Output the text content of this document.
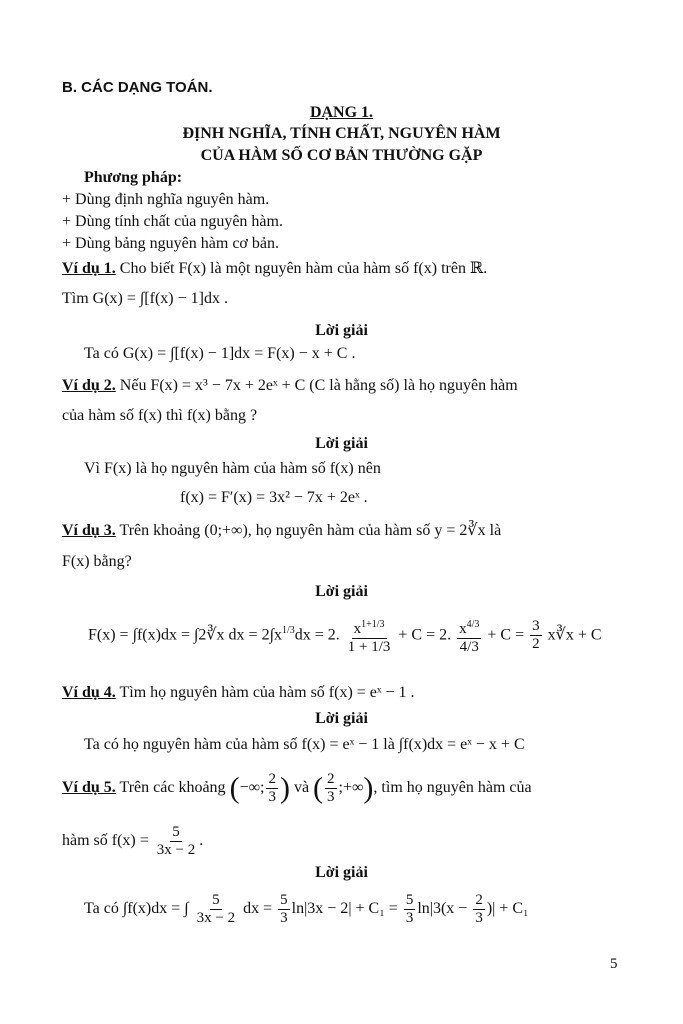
B. CÁC DẠNG TOÁN.
DẠNG 1.
ĐỊNH NGHĨA, TÍNH CHẤT, NGUYÊN HÀM
CỦA HÀM SỐ CƠ BẢN THƯỜNG GẶP
Phương pháp:
+ Dùng định nghĩa nguyên hàm.
+ Dùng tính chất của nguyên hàm.
+ Dùng bảng nguyên hàm cơ bản.
Ví dụ 1. Cho biết F(x) là một nguyên hàm của hàm số f(x) trên ℝ.
Tìm G(x) = ∫[f(x) − 1]dx .
Lời giải
Ta có G(x) = ∫[f(x) − 1]dx = F(x) − x + C .
Ví dụ 2. Nếu F(x) = x³ − 7x + 2eˣ + C (C là hằng số) là họ nguyên hàm
của hàm số f(x) thì f(x) bằng ?
Lời giải
Vì F(x) là họ nguyên hàm của hàm số f(x) nên
f(x) = F′(x) = 3x² − 7x + 2eˣ .
Ví dụ 3. Trên khoảng (0;+∞), họ nguyên hàm của hàm số y = 2∛x là
F(x) bằng?
Lời giải
F(x) = ∫f(x)dx = ∫2∛x dx = $2\int x^{1/3}dx = 2$. $\frac{x^{1+1/3}}{1 + 1/3} + C = 2$. $\frac{x^{4/3}}{4/3} + C = \frac{3}{2}$ x∛x + C
Ví dụ 4. Tìm họ nguyên hàm của hàm số f(x) = eˣ − 1 .
Lời giải
Ta có họ nguyên hàm của hàm số f(x) = eˣ − 1 là ∫f(x)dx = eˣ − x + C
Ví dụ 5. Trên các khoảng (−∞; $\frac{2}{3}$ ) và ( $\frac{2}{3}$ ;+∞), tìm họ nguyên hàm của
hàm số $f(x) = \frac{5}{3x - 2}$ .
Lời giải
Ta có ∫f(x)dx = ∫ $\frac{5}{3x - 2}$ dx = $\frac{5}{3} \ln|3x - 2| + C_1 = \frac{5}{3} \ln|3(x - \frac{2}{3}$ )| + C₁
5
